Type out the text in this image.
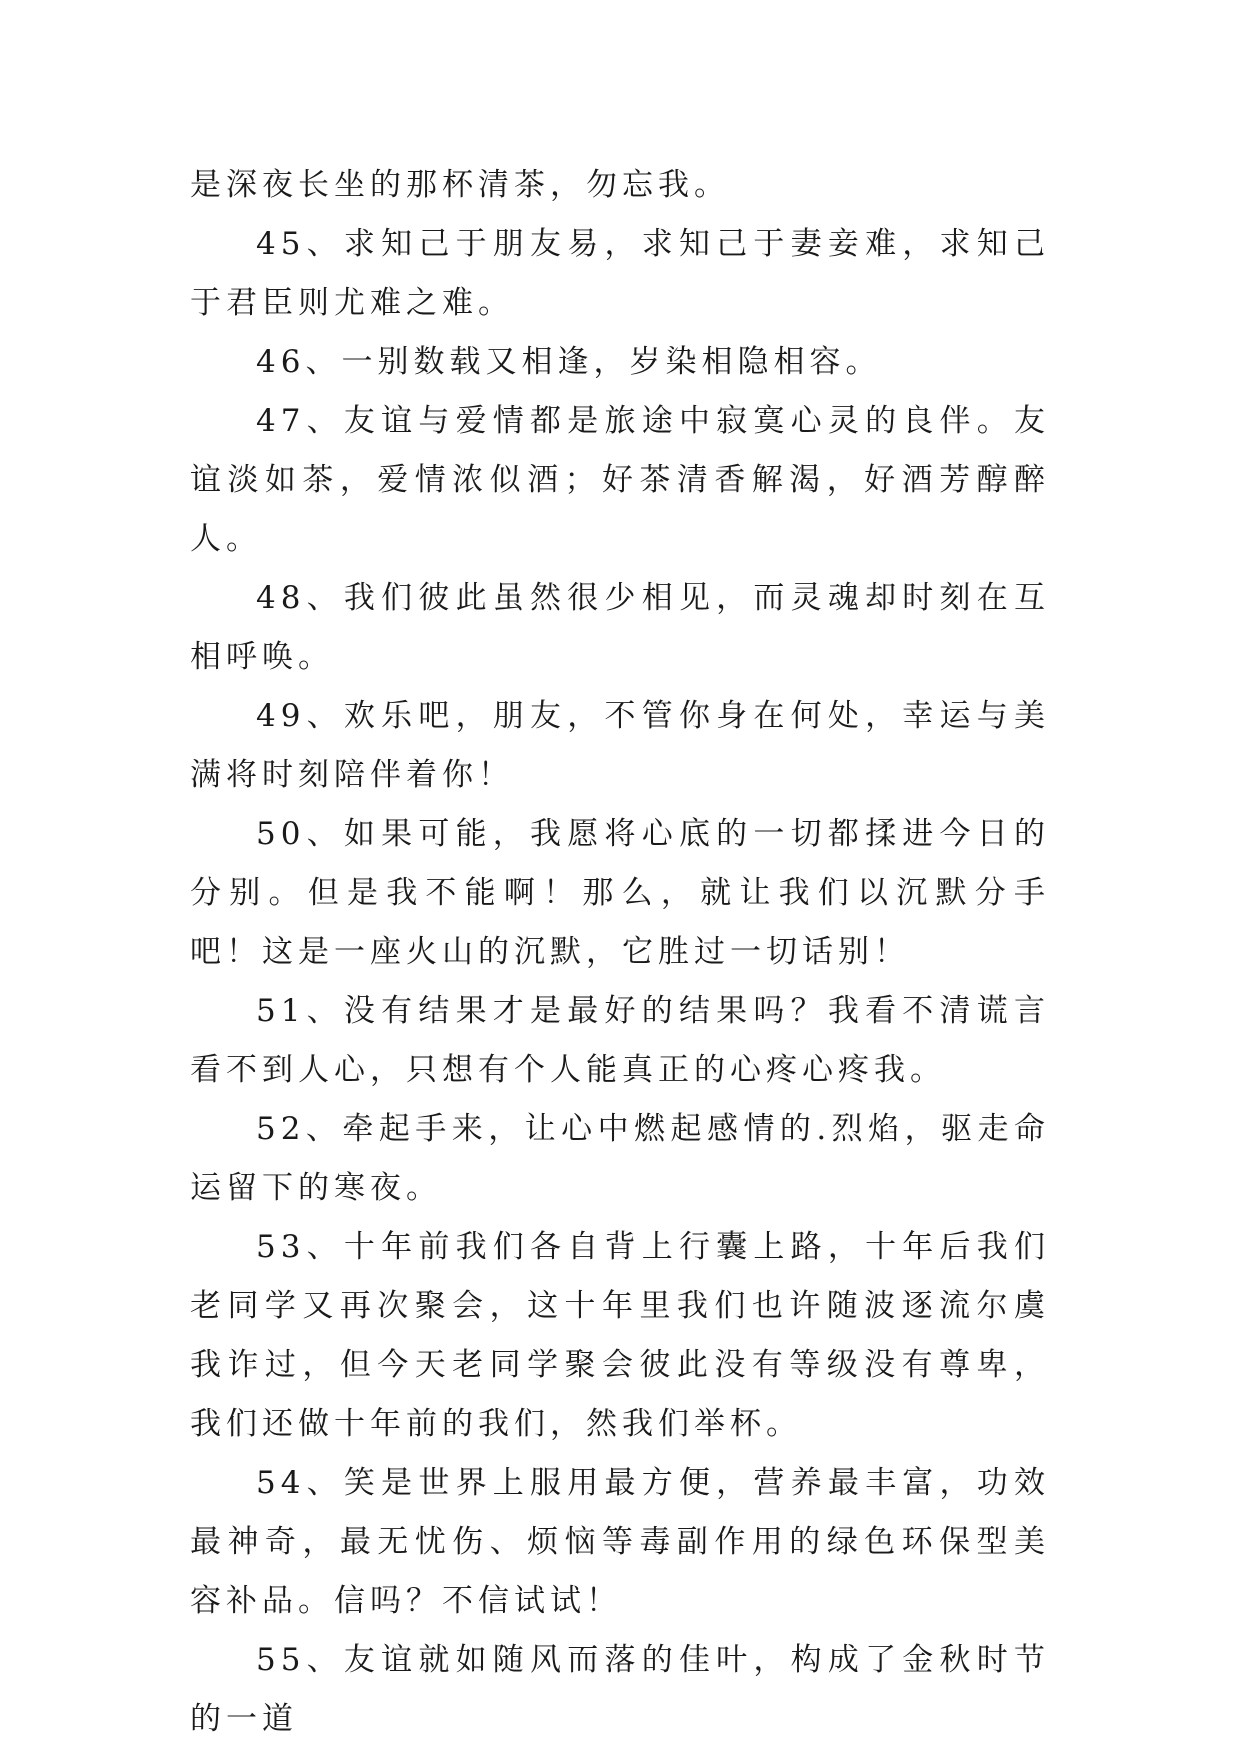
是深夜长坐的那杯清茶，勿忘我。

45、求知己于朋友易，求知己于妻妾难，求知己于君臣则尤难之难。

46、一别数载又相逢，岁染相隐相容。

47、友谊与爱情都是旅途中寂寞心灵的良伴。友谊淡如茶，爱情浓似酒；好茶清香解渴，好酒芳醇醉人。

48、我们彼此虽然很少相见，而灵魂却时刻在互相呼唤。

49、欢乐吧，朋友，不管你身在何处，幸运与美满将时刻陪伴着你！

50、如果可能，我愿将心底的一切都揉进今日的分别。但是我不能啊！那么，就让我们以沉默分手吧！这是一座火山的沉默，它胜过一切话别！

51、没有结果才是最好的结果吗？我看不清谎言看不到人心，只想有个人能真正的心疼心疼我。

52、牵起手来，让心中燃起感情的.烈焰，驱走命运留下的寒夜。

53、十年前我们各自背上行囊上路，十年后我们老同学又再次聚会，这十年里我们也许随波逐流尔虞我诈过，但今天老同学聚会彼此没有等级没有尊卑，我们还做十年前的我们，然我们举杯。

54、笑是世界上服用最方便，营养最丰富，功效最神奇，最无忧伤、烦恼等毒副作用的绿色环保型美容补品。信吗？不信试试！

55、友谊就如随风而落的佳叶，构成了金秋时节的一道
